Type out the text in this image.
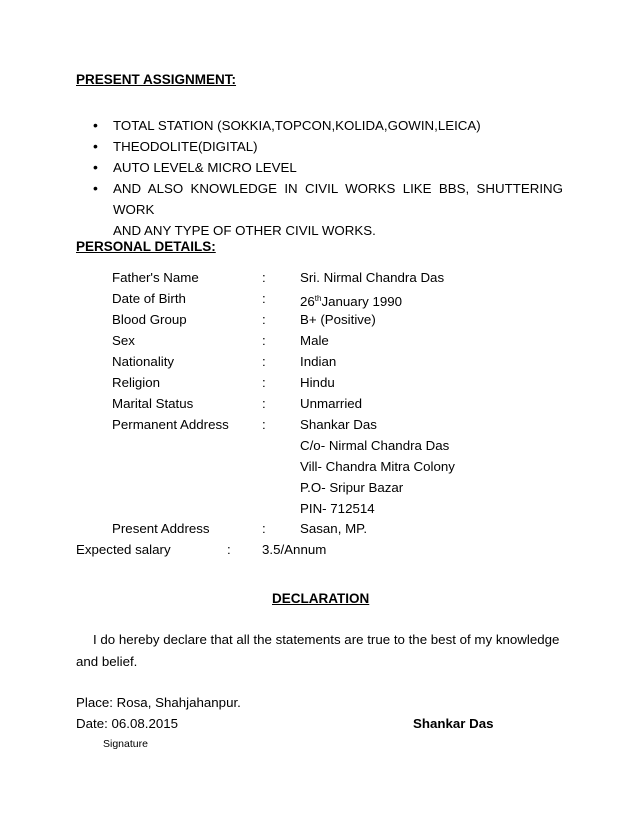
PRESENT ASSIGNMENT:
• TOTAL STATION (SOKKIA,TOPCON,KOLIDA,GOWIN,LEICA)
• THEODOLITE(DIGITAL)
• AUTO LEVEL& MICRO LEVEL
• AND ALSO KNOWLEDGE IN CIVIL WORKS LIKE BBS, SHUTTERING WORK
AND ANY TYPE OF OTHER CIVIL WORKS.
PERSONAL DETAILS:
Father's Name	:	Sri. Nirmal Chandra Das
Date of Birth	:	26thJanuary 1990
Blood Group	:	B+ (Positive)
Sex	:	Male
Nationality	:	Indian
Religion	:	Hindu
Marital Status	:	Unmarried
Permanent Address :	Shankar Das
C/o- Nirmal Chandra Das
Vill- Chandra Mitra Colony
P.O- Sripur Bazar
PIN- 712514
Present Address	:	Sasan, MP.
Expected salary	: 3.5/Annum
DECLARATION
I do hereby declare that all the statements are true to the best of my knowledge
and belief.
Place: Rosa, Shahjahanpur.
Date: 06.08.2015	Shankar Das
Signature
